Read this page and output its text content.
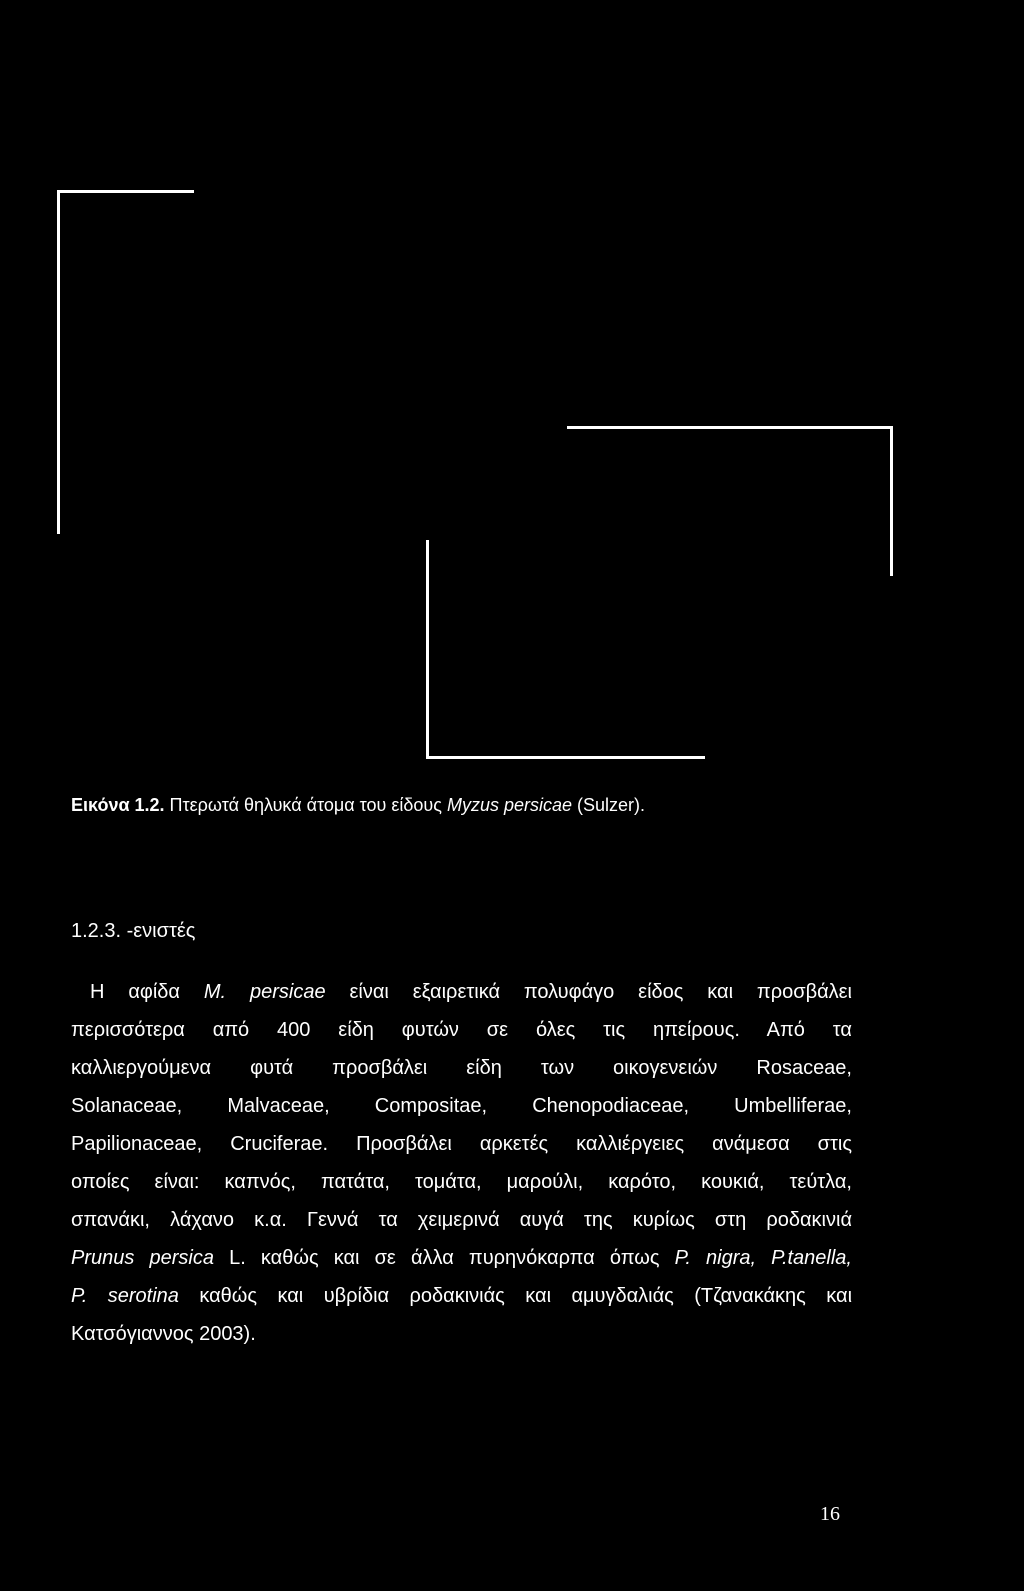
Εικόνα 1.2. Πτερωτά θηλυκά άτομα του είδους Myzus persicae (Sulzer).
1.2.3. -ενιστές
Η αφίδα M. persicae είναι εξαιρετικά πολυφάγο είδος και προσβάλει
περισσότερα από 400 είδη φυτών σε όλες τις ηπείρους. Από τα
καλλιεργούμενα φυτά προσβάλει είδη των οικογενειών Rosaceae,
Solanaceae, Malvaceae, Compositae, Chenopodiaceae, Umbelliferae,
Papilionaceae, Cruciferae. Προσβάλει αρκετές καλλιέργειες ανάμεσα στις
οποίες είναι: καπνός, πατάτα, τομάτα, μαρούλι, καρότο, κουκιά, τεύτλα,
σπανάκι, λάχανο κ.α. Γεννά τα χειμερινά αυγά της κυρίως στη ροδακινιά
Prunus persica L. καθώς και σε άλλα πυρηνόκαρπα όπως P. nigra, P.tanella,
P. serotina καθώς και υβρίδια ροδακινιάς και αμυγδαλιάς (Τζανακάκης και
Κατσόγιαννος 2003).
16
